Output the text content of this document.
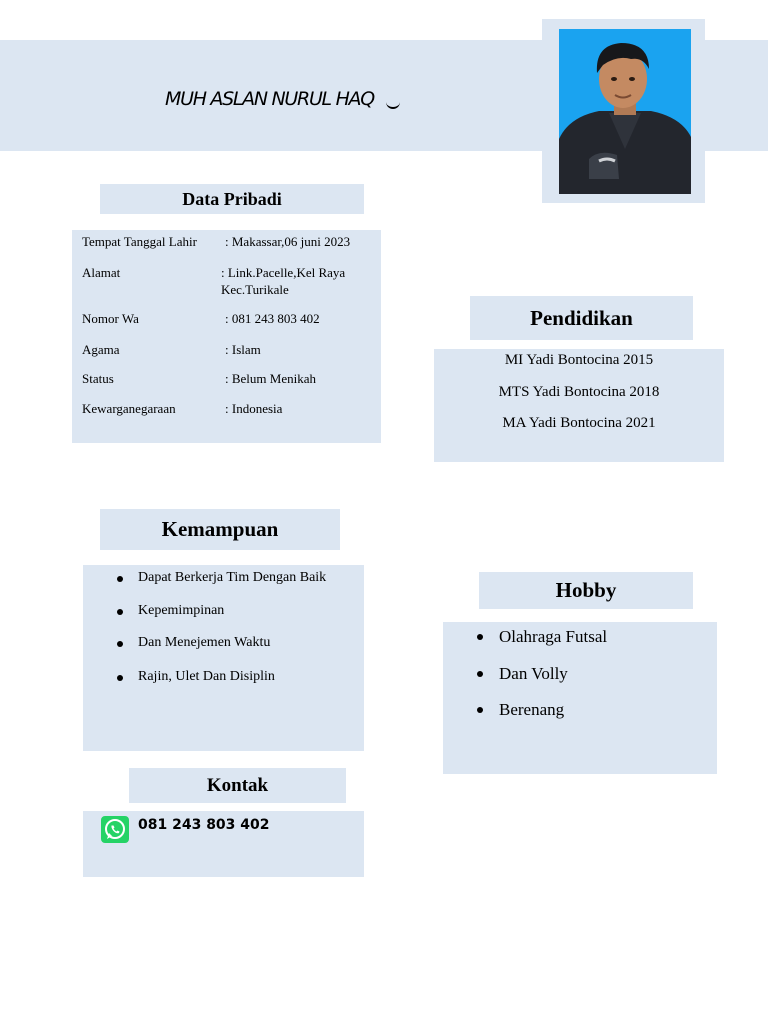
MUH ASLAN NURUL HAQ
Data Pribadi
Tempat Tanggal Lahir : Makassar,06 juni 2023
Alamat	: Link.Pacelle,Kel Raya
Kec.Turikale
Nomor Wa	: 081 243 803 402
Agama	: Islam
Status	: Belum Menikah
Kewarganegaraan	: Indonesia
Pendidikan
MI Yadi Bontocina 2015
MTS Yadi Bontocina 2018
MA Yadi Bontocina 2021
Kemampuan
Dapat Berkerja Tim Dengan Baik
Kepemimpinan
Dan Menejemen Waktu
Rajin, Ulet Dan Disiplin
Hobby
Olahraga Futsal
Dan Volly
Berenang
Kontak
081 243 803 402
